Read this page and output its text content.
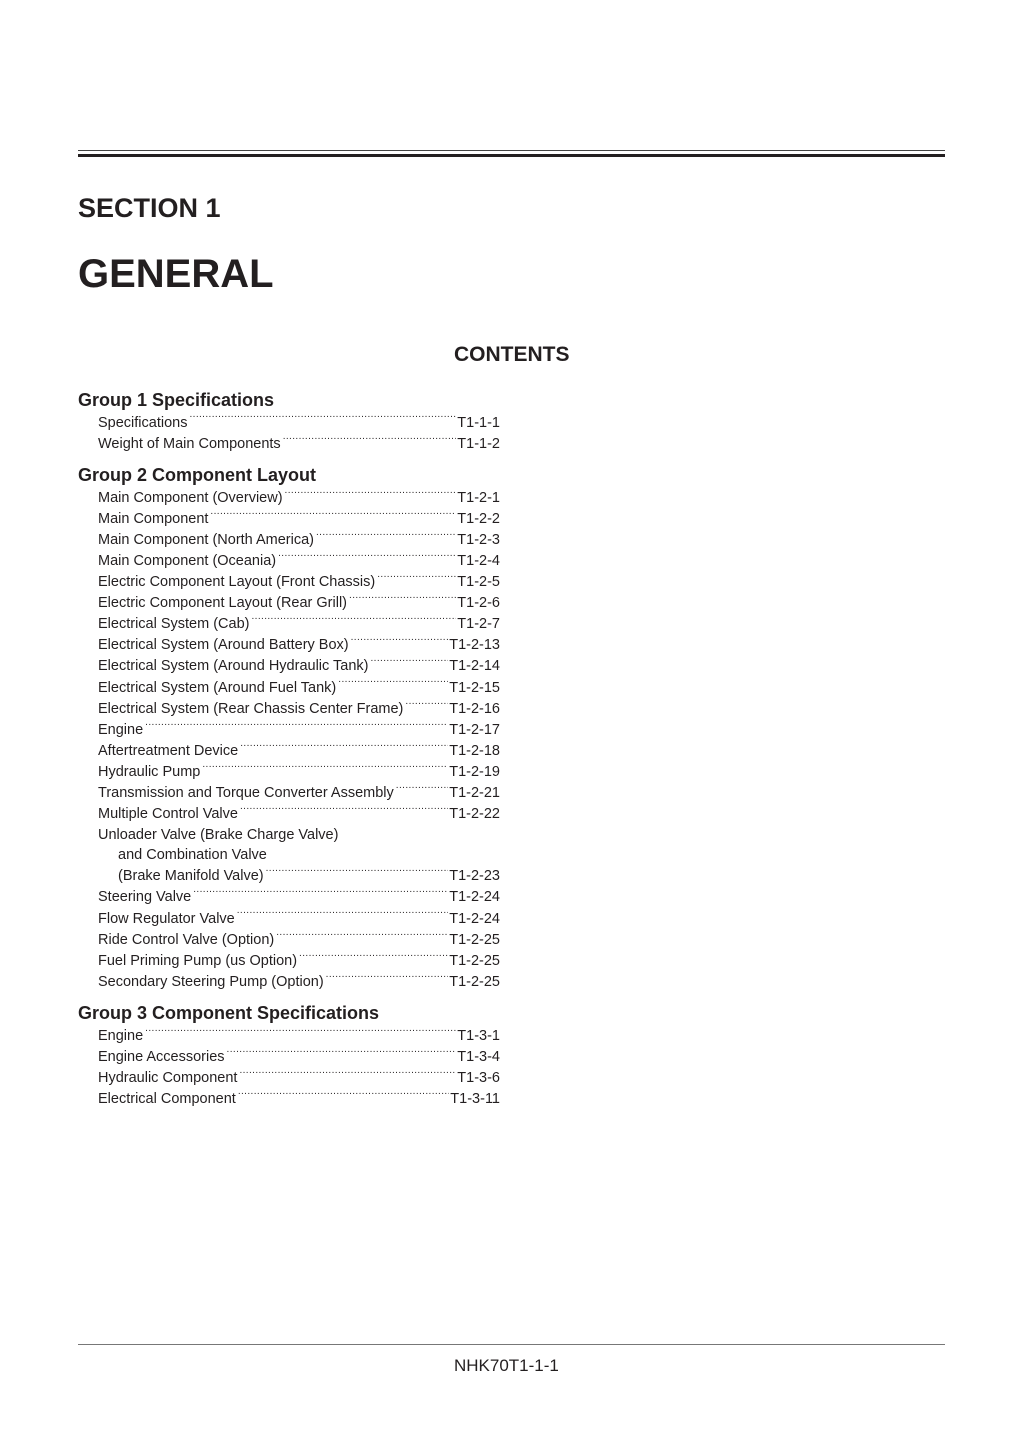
SECTION 1
GENERAL
CONTENTS
Group 1 Specifications
Specifications .....	T1-1-1
Weight of Main Components .....	T1-1-2
Group 2 Component Layout
Main Component (Overview) .....	T1-2-1
Main Component .....	T1-2-2
Main Component (North America) .....	T1-2-3
Main Component (Oceania) .....	T1-2-4
Electric Component Layout (Front Chassis) .....	T1-2-5
Electric Component Layout (Rear Grill) .....	T1-2-6
Electrical System (Cab) .....	T1-2-7
Electrical System (Around Battery Box) .....	T1-2-13
Electrical System (Around Hydraulic Tank) .....	T1-2-14
Electrical System (Around Fuel Tank) .....	T1-2-15
Electrical System (Rear Chassis Center Frame) .....	T1-2-16
Engine .....	T1-2-17
Aftertreatment Device .....	T1-2-18
Hydraulic Pump .....	T1-2-19
Transmission and Torque Converter Assembly .....	T1-2-21
Multiple Control Valve .....	T1-2-22
Unloader Valve (Brake Charge Valve)
and Combination Valve
(Brake Manifold Valve) .....	T1-2-23
Steering Valve .....	T1-2-24
Flow Regulator Valve .....	T1-2-24
Ride Control Valve (Option) .....	T1-2-25
Fuel Priming Pump (us Option) .....	T1-2-25
Secondary Steering Pump (Option) .....	T1-2-25
Group 3 Component Specifications
Engine .....	T1-3-1
Engine Accessories .....	T1-3-4
Hydraulic Component .....	T1-3-6
Electrical Component .....	T1-3-11
NHK70T1-1-1
